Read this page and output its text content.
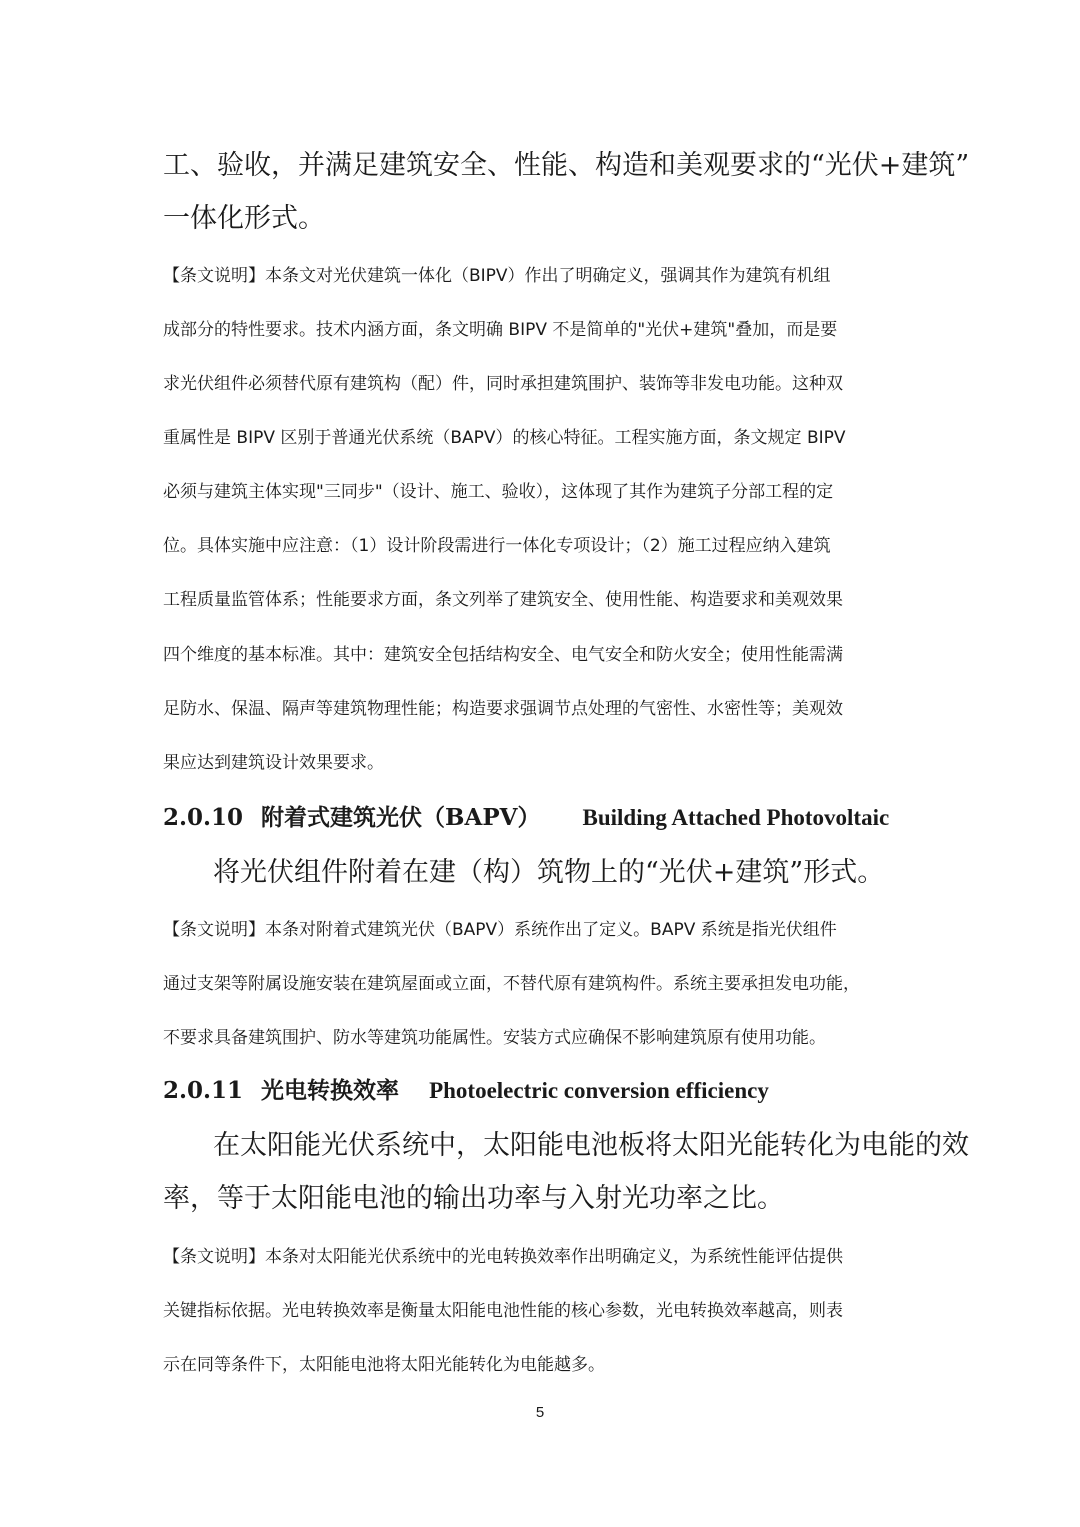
工、验收，并满足建筑安全、性能、构造和美观要求的“光伏+建筑”
一体化形式。
【条文说明】本条文对光伏建筑一体化（BIPV）作出了明确定义，强调其作为建筑有机组
成部分的特性要求。技术内涵方面，条文明确 BIPV 不是简单的"光伏+建筑"叠加，而是要
求光伏组件必须替代原有建筑构（配）件，同时承担建筑围护、装饰等非发电功能。这种双
重属性是 BIPV 区别于普通光伏系统（BAPV）的核心特征。工程实施方面，条文规定 BIPV
必须与建筑主体实现"三同步"（设计、施工、验收），这体现了其作为建筑子分部工程的定
位。具体实施中应注意：（1）设计阶段需进行一体化专项设计；（2）施工过程应纳入建筑
工程质量监管体系；性能要求方面，条文列举了建筑安全、使用性能、构造要求和美观效果
四个维度的基本标准。其中：建筑安全包括结构安全、电气安全和防火安全；使用性能需满
足防水、保温、隔声等建筑物理性能；构造要求强调节点处理的气密性、水密性等；美观效
果应达到建筑设计效果要求。
2.0.10 附着式建筑光伏（BAPV） Building Attached Photovoltaic
将光伏组件附着在建（构）筑物上的“光伏+建筑”形式。
【条文说明】本条对附着式建筑光伏（BAPV）系统作出了定义。BAPV 系统是指光伏组件
通过支架等附属设施安装在建筑屋面或立面，不替代原有建筑构件。系统主要承担发电功能，
不要求具备建筑围护、防水等建筑功能属性。安装方式应确保不影响建筑原有使用功能。
2.0.11 光电转换效率 Photoelectric conversion efficiency
在太阳能光伏系统中，太阳能电池板将太阳光能转化为电能的效
率，等于太阳能电池的输出功率与入射光功率之比。
【条文说明】本条对太阳能光伏系统中的光电转换效率作出明确定义，为系统性能评估提供
关键指标依据。光电转换效率是衡量太阳能电池性能的核心参数，光电转换效率越高，则表
示在同等条件下，太阳能电池将太阳光能转化为电能越多。
5
